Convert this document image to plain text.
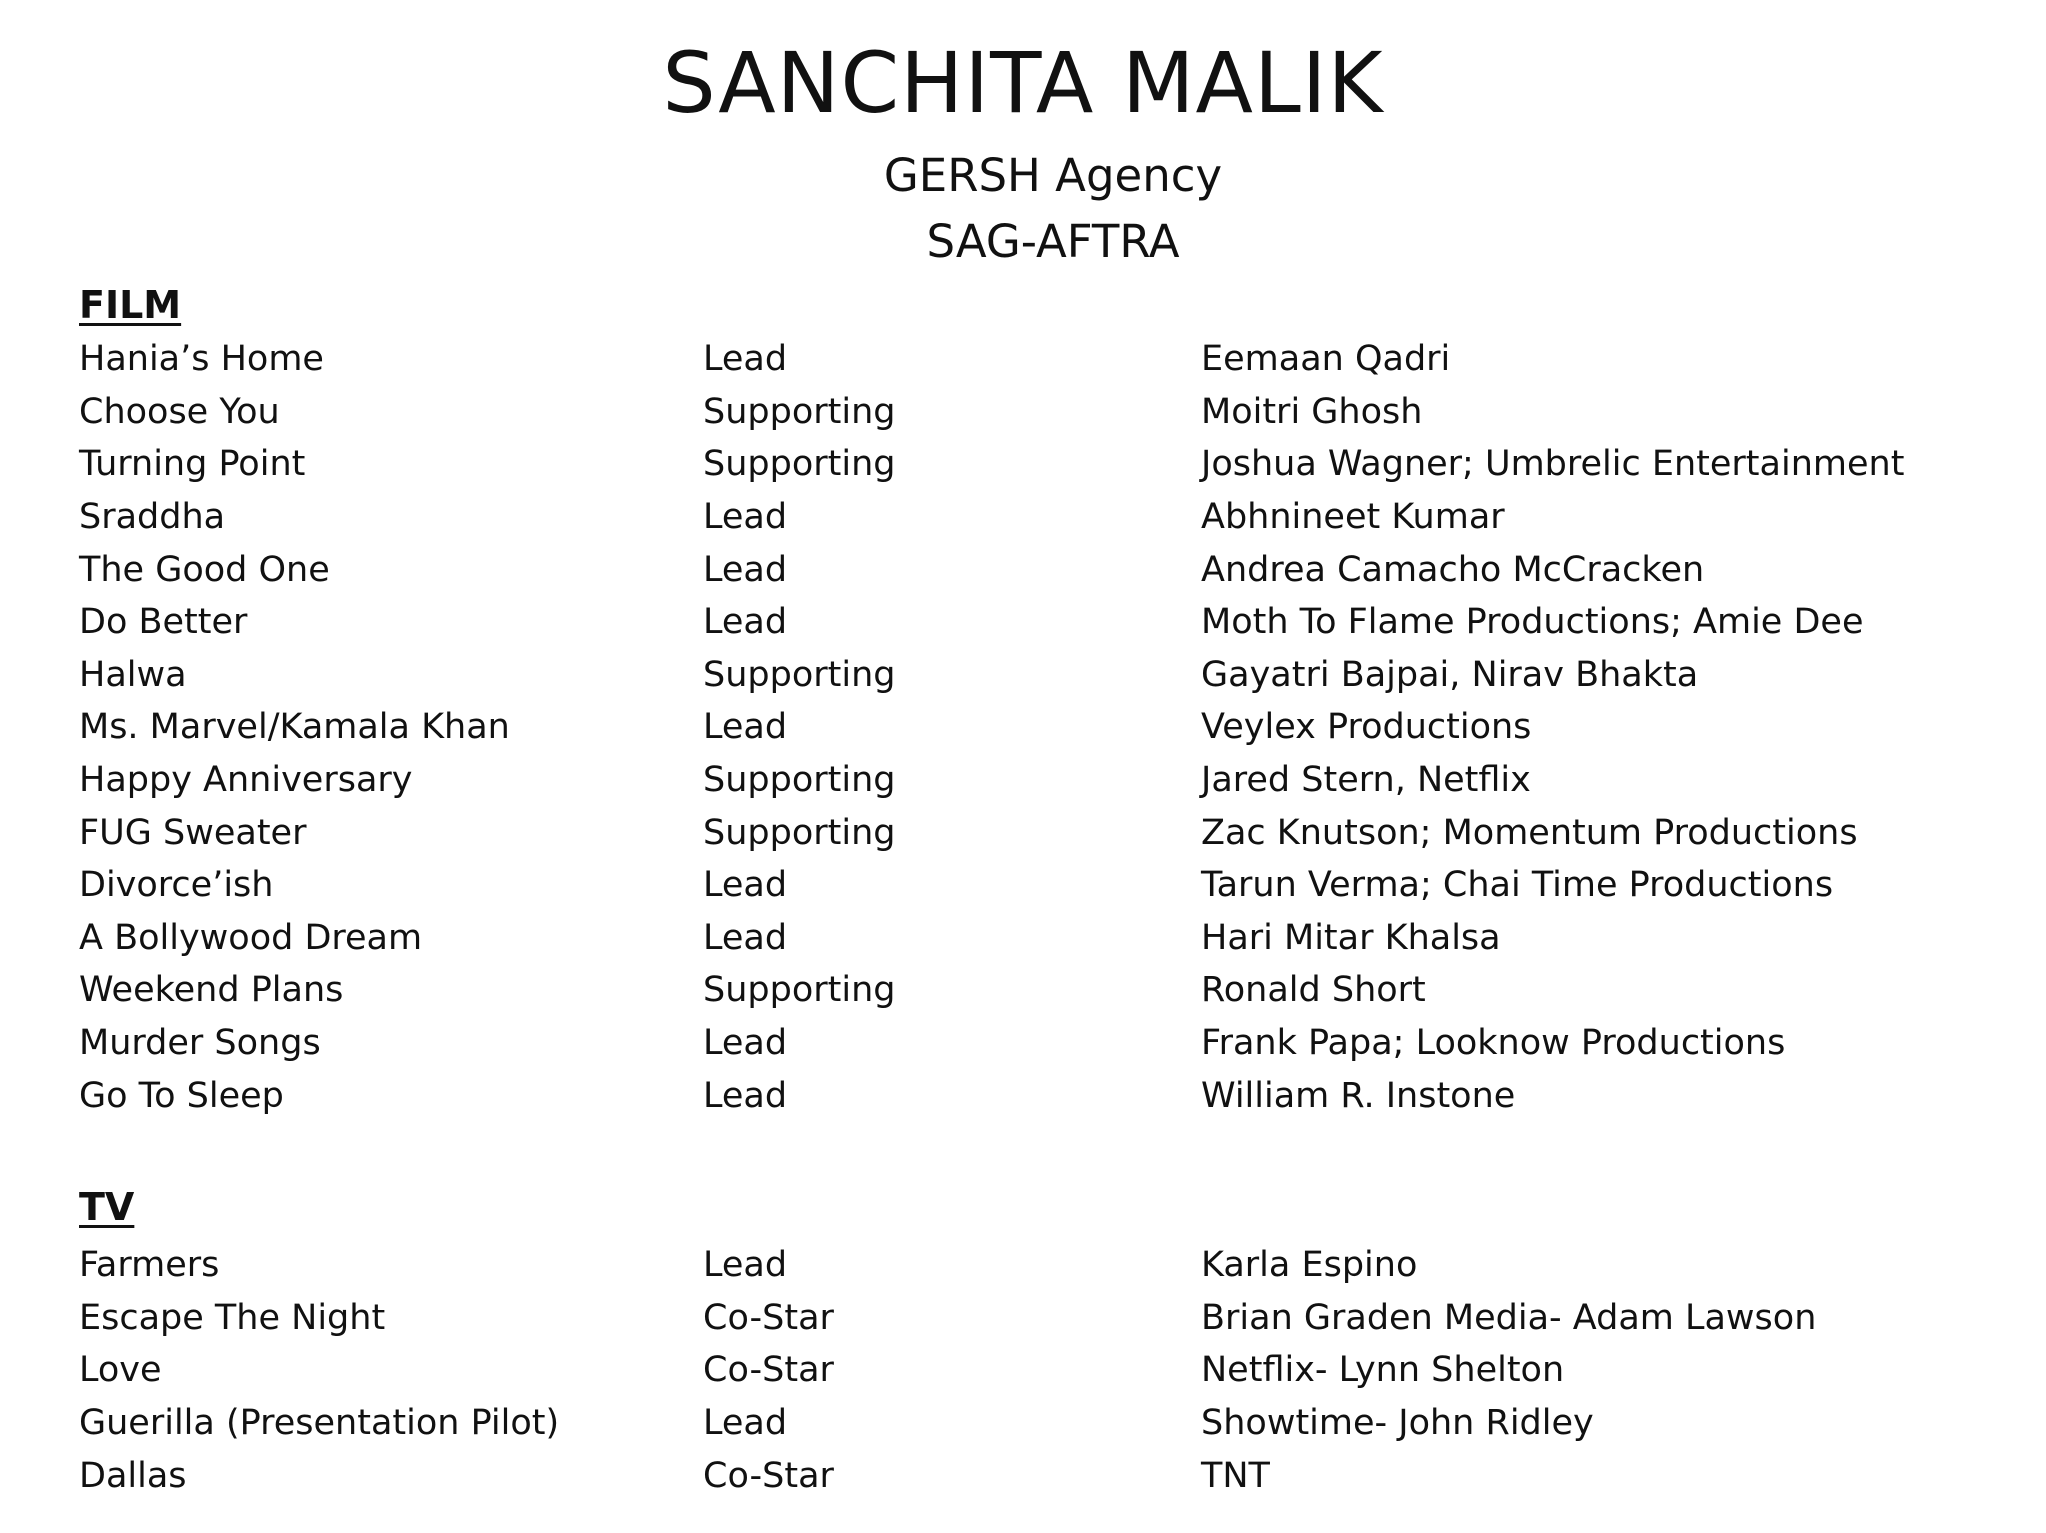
SANCHITA MALIK
GERSH Agency
SAG-AFTRA
FILM
Hania’s Home	Lead	Eemaan Qadri
Choose You	Supporting	Moitri Ghosh
Turning Point	Supporting	Joshua Wagner; Umbrelic Entertainment
Sraddha	Lead	Abhnineet Kumar
The Good One	Lead	Andrea Camacho McCracken
Do Better	Lead	Moth To Flame Productions; Amie Dee
Halwa	Supporting	Gayatri Bajpai, Nirav Bhakta
Ms. Marvel/Kamala Khan	Lead	Veylex Productions
Happy Anniversary	Supporting	Jared Stern, Netflix
FUG Sweater	Supporting	Zac Knutson; Momentum Productions
Divorce’ish	Lead	Tarun Verma; Chai Time Productions
A Bollywood Dream	Lead	Hari Mitar Khalsa
Weekend Plans	Supporting	Ronald Short
Murder Songs	Lead	Frank Papa; Looknow Productions
Go To Sleep	Lead	William R. Instone
TV
Farmers	Lead	Karla Espino
Escape The Night	Co-Star	Brian Graden Media- Adam Lawson
Love	Co-Star	Netflix- Lynn Shelton
Guerilla (Presentation Pilot)	Lead	Showtime- John Ridley
Dallas	Co-Star	TNT
